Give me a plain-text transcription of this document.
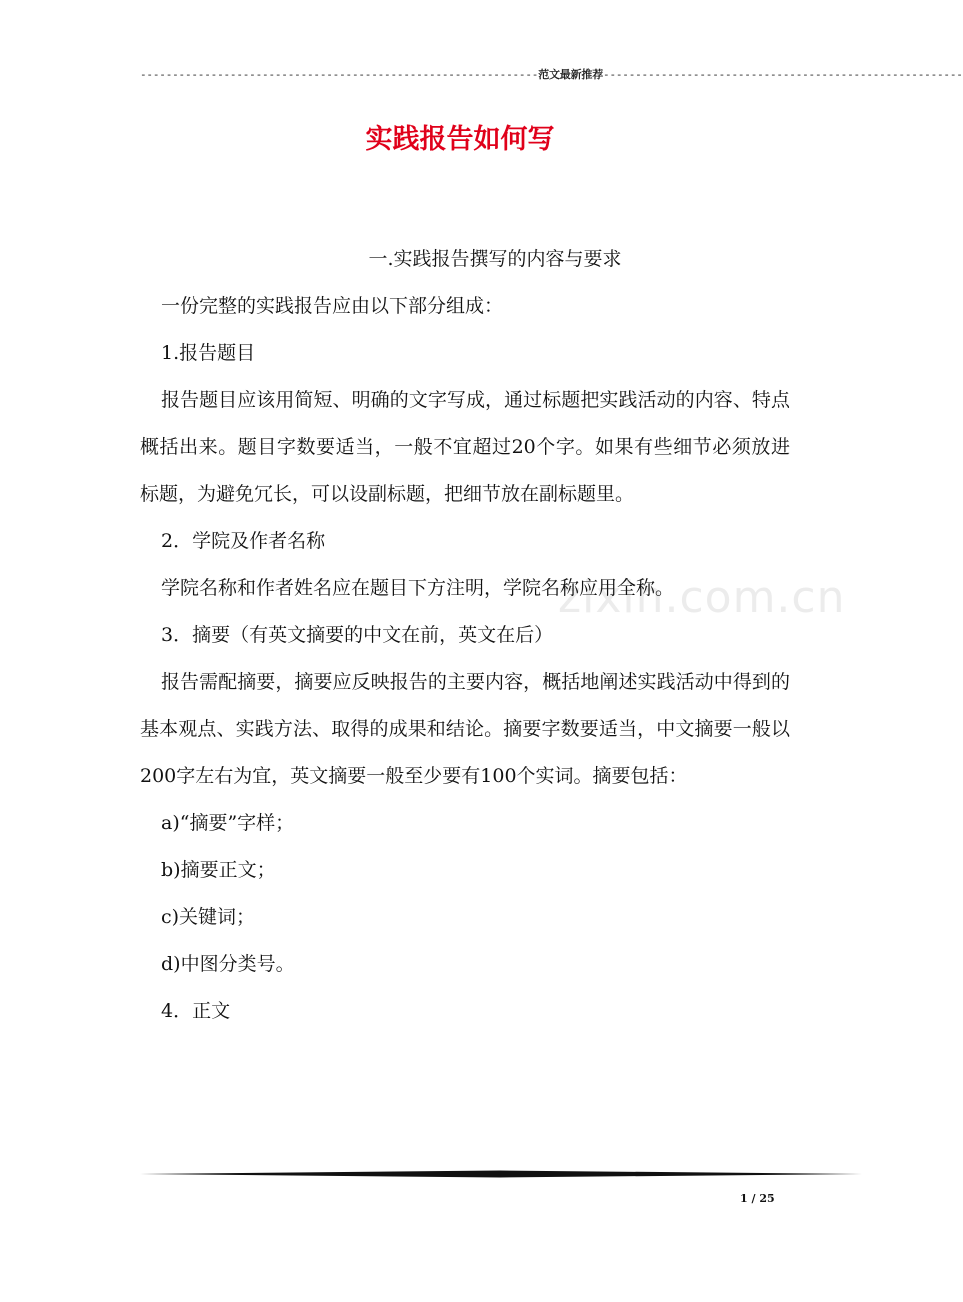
--------------------------------------------------------------范文最新推荐--------------------------------------------------------
实践报告如何写
zixin.com.cn

一.实践报告撰写的内容与要求

一份完整的实践报告应由以下部分组成：

1.报告题目

报告题目应该用简短、明确的文字写成，通过标题把实践活动的内容、特点概括出来。题目字数要适当，一般不宜超过20个字。如果有些细节必须放进标题，为避免冗长，可以设副标题，把细节放在副标题里。

2．学院及作者名称

学院名称和作者姓名应在题目下方注明，学院名称应用全称。

3．摘要（有英文摘要的中文在前，英文在后）

报告需配摘要，摘要应反映报告的主要内容，概括地阐述实践活动中得到的基本观点、实践方法、取得的成果和结论。摘要字数要适当，中文摘要一般以200字左右为宜，英文摘要一般至少要有100个实词。摘要包括：

a)“摘要”字样；

b)摘要正文；

c)关键词；

d)中图分类号。

4．正文

1 / 25
